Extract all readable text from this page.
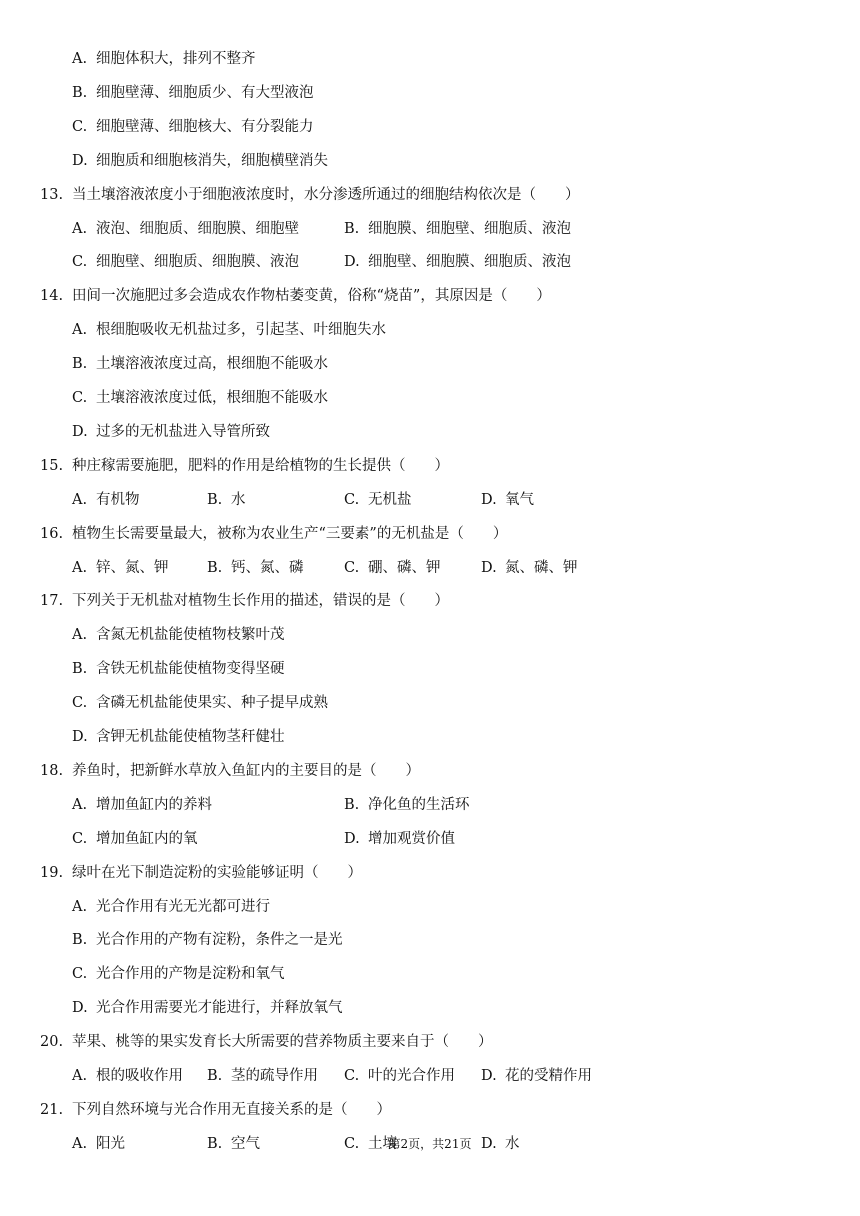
A. 细胞体积大，排列不整齐
B. 细胞壁薄、细胞质少、有大型液泡
C. 细胞壁薄、细胞核大、有分裂能力
D. 细胞质和细胞核消失，细胞横壁消失
13. 当土壤溶液浓度小于细胞液浓度时，水分渗透所通过的细胞结构依次是（　　）
A. 液泡、细胞质、细胞膜、细胞壁	B. 细胞膜、细胞壁、细胞质、液泡
C. 细胞壁、细胞质、细胞膜、液泡	D. 细胞壁、细胞膜、细胞质、液泡
14. 田间一次施肥过多会造成农作物枯萎变黄，俗称“烧苗”，其原因是（　　）
A. 根细胞吸收无机盐过多，引起茎、叶细胞失水
B. 土壤溶液浓度过高，根细胞不能吸水
C. 土壤溶液浓度过低，根细胞不能吸水
D. 过多的无机盐进入导管所致
15. 种庄稼需要施肥，肥料的作用是给植物的生长提供（　　）
A. 有机物	B. 水	C. 无机盐	D. 氧气
16. 植物生长需要量最大，被称为农业生产“三要素”的无机盐是（　　）
A. 锌、氮、钾	B. 钙、氮、磷	C. 硼、磷、钾	D. 氮、磷、钾
17. 下列关于无机盐对植物生长作用的描述，错误的是（　　）
A. 含氮无机盐能使植物枝繁叶茂
B. 含铁无机盐能使植物变得坚硬
C. 含磷无机盐能使果实、种子提早成熟
D. 含钾无机盐能使植物茎秆健壮
18. 养鱼时，把新鲜水草放入鱼缸内的主要目的是（　　）
A. 增加鱼缸内的养料	B. 净化鱼的生活环
C. 增加鱼缸内的氧	D. 增加观赏价值
19. 绿叶在光下制造淀粉的实验能够证明（　　）
A. 光合作用有光无光都可进行
B. 光合作用的产物有淀粉，条件之一是光
C. 光合作用的产物是淀粉和氧气
D. 光合作用需要光才能进行，并释放氧气
20. 苹果、桃等的果实发育长大所需要的营养物质主要来自于（　　）
A. 根的吸收作用 B. 茎的疏导作用 C. 叶的光合作用 D. 花的受精作用
21. 下列自然环境与光合作用无直接关系的是（　　）
A. 阳光	B. 空气	C. 土壤	D. 水
第2页，共21页
